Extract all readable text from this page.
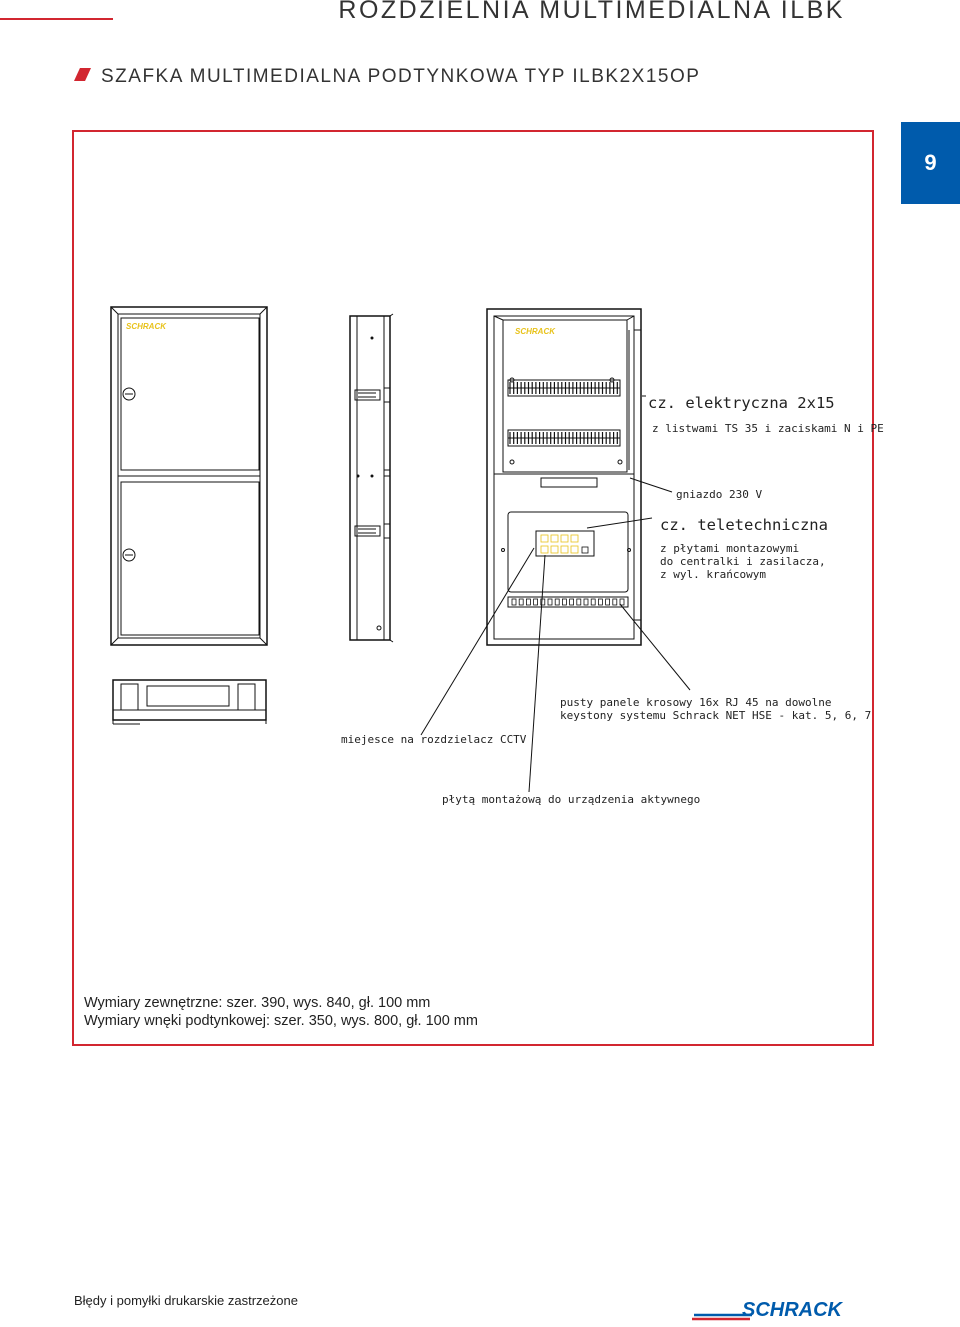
ROZDZIELNIA MULTIMEDIALNA ILBK
SZAFKA MULTIMEDIALNA PODTYNKOWA TYP ILBK2X15OP
9
SCHRACK
SCHRACK
cz. elektryczna 2x15
z listwami TS 35 i zaciskami N i PE
gniazdo 230 V
cz. teletechniczna
z płytami montazowymi
do centralki i zasilacza,
z wyl. krańcowym
pusty panele krosowy 16x RJ 45 na dowolne
keystony systemu Schrack NET HSE - kat. 5, 6, 7
miejesce na rozdzielacz CCTV
płytą montażową do urządzenia aktywnego
Wymiary zewnętrzne: szer. 390, wys. 840, gł. 100 mm
Wymiary wnęki podtynkowej: szer. 350, wys. 800, gł. 100 mm
Błędy i pomyłki drukarskie zastrzeżone	SCHRACK
